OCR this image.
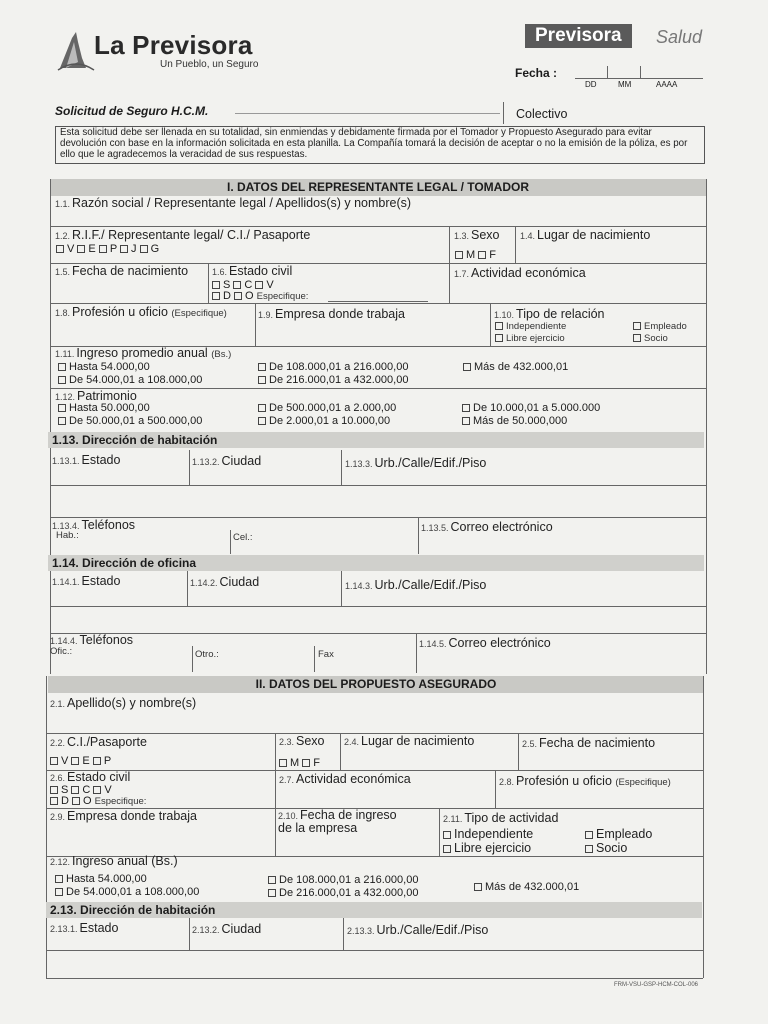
La Previsora
Un Pueblo, un Seguro
Previsora	Salud
Fecha :
DD	MM	AAAA
Solicitud de Seguro H.C.M.	Colectivo
Esta solicitud debe ser llenada en su totalidad, sin enmiendas y debidamente firmada por el Tomador y Propuesto Asegurado para evitar devolución con base en la información solicitada en esta planilla. La Compañía tomará la decisión de aceptar o no la emisión de la póliza, es por ello que le agradecemos la veracidad de sus respuestas.
I. DATOS DEL REPRESENTANTE LEGAL / TOMADOR
1.1. Razón social / Representante legal / Apellidos(s) y nombre(s)
1.2. R.I.F./ Representante legal/ C.I./ Pasaporte
V E P J G
1.3. Sexo
M F
1.4. Lugar de nacimiento
1.5. Fecha de nacimiento	1.6. Estado civil
S C V
D O Especifique:
1.7. Actividad económica
1.8. Profesión u oficio (Especifique)	1.9. Empresa donde trabaja	1.10. Tipo de relación
Independiente
Libre ejercicio
Empleado
Socio
1.11. Ingreso promedio anual (Bs.)
Hasta 54.000,00
De 54.000,01 a 108.000,00
De 108.000,01 a 216.000,00
De 216.000,01 a 432.000,00
Más de 432.000,01
1.12. Patrimonio
Hasta 50.000,00
De 50.000,01 a 500.000,00
De 500.000,01 a 2.000,00
De 2.000,01 a 10.000,00
De 10.000,01 a 5.000.000
Más de 50.000,000
1.13. Dirección de habitación
1.13.1. Estado	1.13.2. Ciudad	1.13.3. Urb./Calle/Edif./Piso
1.13.4. Teléfonos
Hab.:	Cel.:
1.13.5. Correo electrónico
1.14. Dirección de oficina
1.14.1. Estado	1.14.2. Ciudad	1.14.3. Urb./Calle/Edif./Piso
1.14.4. Teléfonos
Ofic.:	Otro.:	Fax
1.14.5. Correo electrónico
II. DATOS DEL PROPUESTO ASEGURADO
2.1. Apellido(s) y nombre(s)
2.2. C.I./Pasaporte
V E P
2.3. Sexo
M F
2.4. Lugar de nacimiento	2.5. Fecha de nacimiento
2.6. Estado civil
S C V
D O Especifique:
2.7. Actividad económica	2.8. Profesión u oficio (Especifique)
2.9. Empresa donde trabaja	2.10. Fecha de ingreso
de la empresa
2.11. Tipo de actividad
Independiente
Libre ejercicio
Empleado
Socio
2.12. Ingreso anual (Bs.)
Hasta 54.000,00
De 54.000,01 a 108.000,00
De 108.000,01 a 216.000,00
De 216.000,01 a 432.000,00	Más de 432.000,01
2.13. Dirección de habitación
2.13.1. Estado	2.13.2. Ciudad	2.13.3. Urb./Calle/Edif./Piso
FRM-VSU-GSP-HCM-COL-006
